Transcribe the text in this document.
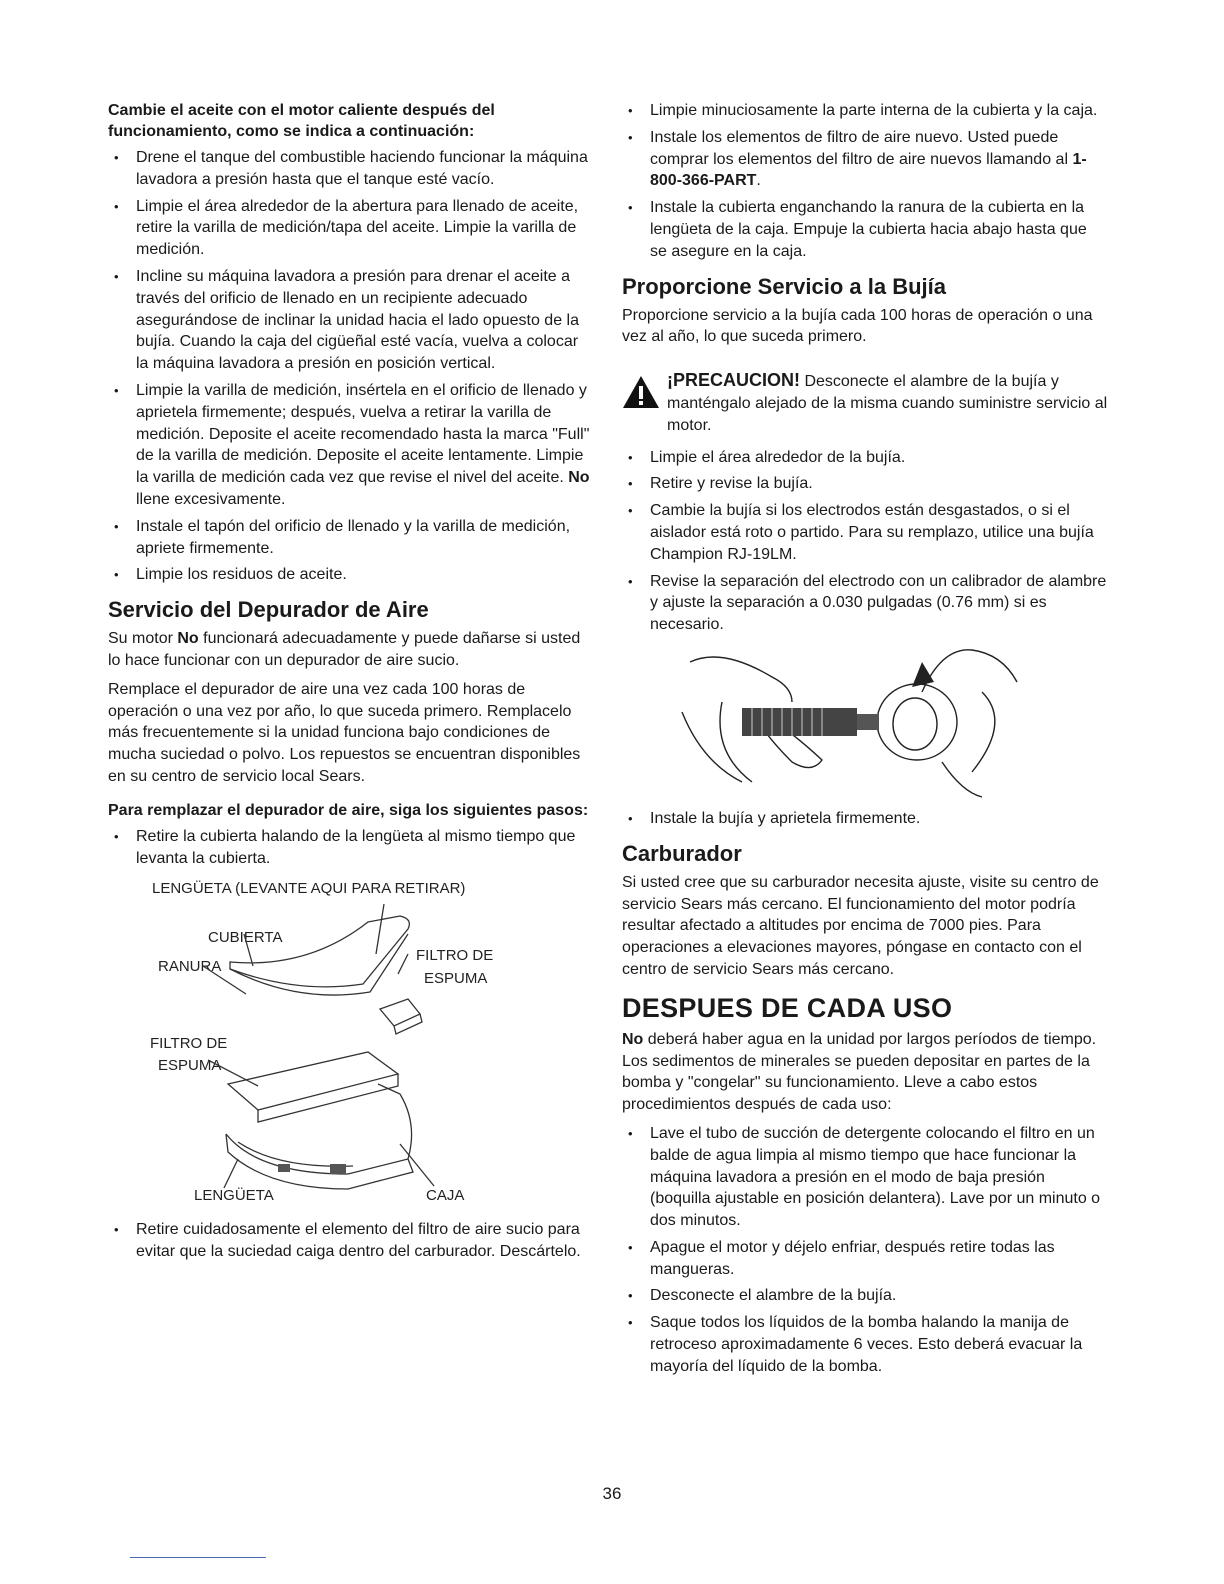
Cambie el aceite con el motor caliente después del funcionamiento, como se indica a continuación:

• Drene el tanque del combustible haciendo funcionar la máquina lavadora a presión hasta que el tanque esté vacío.
• Limpie el área alrededor de la abertura para llenado de aceite, retire la varilla de medición/tapa del aceite. Limpie la varilla de medición.
• Incline su máquina lavadora a presión para drenar el aceite a través del orificio de llenado en un recipiente adecuado asegurándose de inclinar la unidad hacia el lado opuesto de la bujía. Cuando la caja del cigüeñal esté vacía, vuelva a colocar la máquina lavadora a presión en posición vertical.
• Limpie la varilla de medición, insértela en el orificio de llenado y aprietela firmemente; después, vuelva a retirar la varilla de medición. Deposite el aceite recomendado hasta la marca "Full" de la varilla de medición. Deposite el aceite lentamente. Limpie la varilla de medición cada vez que revise el nivel del aceite. No llene excesivamente.
• Instale el tapón del orificio de llenado y la varilla de medición, apriete firmemente.
• Limpie los residuos de aceite.
Servicio del Depurador de Aire

Su motor No funcionará adecuadamente y puede dañarse si usted lo hace funcionar con un depurador de aire sucio.

Remplace el depurador de aire una vez cada 100 horas de operación o una vez por año, lo que suceda primero. Remplacelo más frecuentemente si la unidad funciona bajo condiciones de mucha suciedad o polvo. Los repuestos se encuentran disponibles en su centro de servicio local Sears.

Para remplazar el depurador de aire, siga los siguientes pasos:

• Retire la cubierta halando de la lengüeta al mismo tiempo que levanta la cubierta.
LENGÜETA (LEVANTE AQUI PARA RETIRAR)
CUBIERTA
RANURA
FILTRO DE
ESPUMA
FILTRO DE
ESPUMA
LENGÜETA	CAJA
• Retire cuidadosamente el elemento del filtro de aire sucio para evitar que la suciedad caiga dentro del carburador. Descártelo.
• Limpie minuciosamente la parte interna de la cubierta y la caja.
• Instale los elementos de filtro de aire nuevo. Usted puede comprar los elementos del filtro de aire nuevos llamando al 1-800-366-PART.
• Instale la cubierta enganchando la ranura de la cubierta en la lengüeta de la caja. Empuje la cubierta hacia abajo hasta que se asegure en la caja.
Proporcione Servicio a la Bujía

Proporcione servicio a la bujía cada 100 horas de operación o una vez al año, lo que suceda primero.

¡PRECAUCION! Desconecte el alambre de la bujía y manténgalo alejado de la misma cuando suministre servicio al motor.

• Limpie el área alrededor de la bujía.
• Retire y revise la bujía.
• Cambie la bujía si los electrodos están desgastados, o si el aislador está roto o partido. Para su remplazo, utilice una bujía Champion RJ-19LM.
• Revise la separación del electrodo con un calibrador de alambre y ajuste la separación a 0.030 pulgadas (0.76 mm) si es necesario.
• Instale la bujía y aprietela firmemente.
Carburador

Si usted cree que su carburador necesita ajuste, visite su centro de servicio Sears más cercano. El funcionamiento del motor podría resultar afectado a altitudes por encima de 7000 pies. Para operaciones a elevaciones mayores, póngase en contacto con el centro de servicio Sears más cercano.

DESPUES DE CADA USO

No deberá haber agua en la unidad por largos períodos de tiempo. Los sedimentos de minerales se pueden depositar en partes de la bomba y "congelar" su funcionamiento. Lleve a cabo estos procedimientos después de cada uso:

• Lave el tubo de succión de detergente colocando el filtro en un balde de agua limpia al mismo tiempo que hace funcionar la máquina lavadora a presión en el modo de baja presión (boquilla ajustable en posición delantera). Lave por un minuto o dos minutos.
• Apague el motor y déjelo enfriar, después retire todas las mangueras.
• Desconecte el alambre de la bujía.
• Saque todos los líquidos de la bomba halando la manija de retroceso aproximadamente 6 veces. Esto deberá evacuar la mayoría del líquido de la bomba.
36
